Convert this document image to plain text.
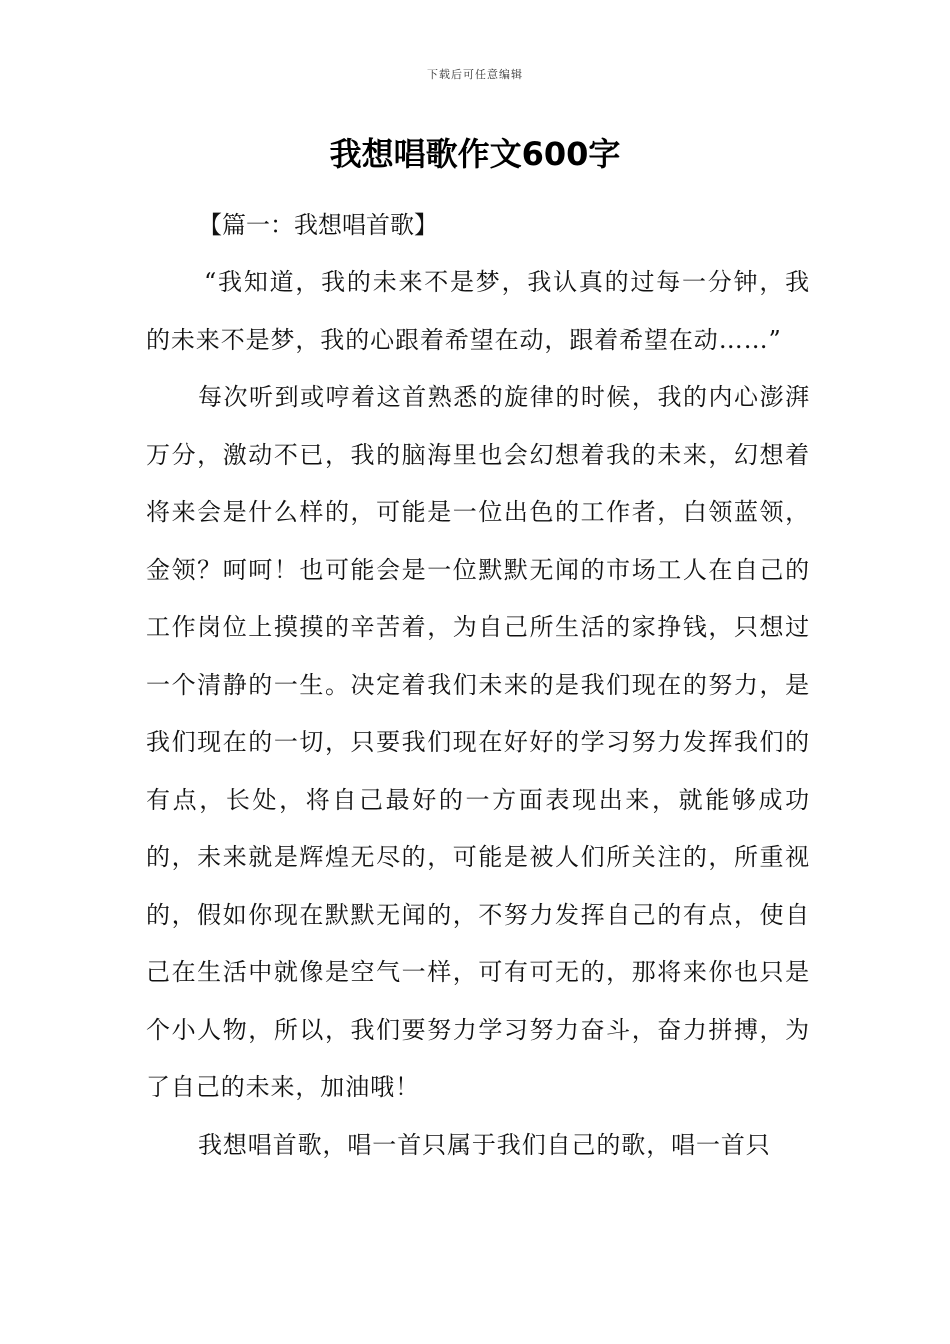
下载后可任意编辑
我想唱歌作文600字

【篇一：我想唱首歌】

“我知道，我的未来不是梦，我认真的过每一分钟，我的未来不是梦，我的心跟着希望在动，跟着希望在动……”

每次听到或哼着这首熟悉的旋律的时候，我的内心澎湃万分，激动不已，我的脑海里也会幻想着我的未来，幻想着将来会是什么样的，可能是一位出色的工作者，白领蓝领，金领？呵呵！也可能会是一位默默无闻的市场工人在自己的工作岗位上摸摸的辛苦着，为自己所生活的家挣钱，只想过一个清静的一生。决定着我们未来的是我们现在的努力，是我们现在的一切，只要我们现在好好的学习努力发挥我们的有点，长处，将自己最好的一方面表现出来，就能够成功的，未来就是辉煌无尽的，可能是被人们所关注的，所重视的，假如你现在默默无闻的，不努力发挥自己的有点，使自己在生活中就像是空气一样，可有可无的，那将来你也只是个小人物，所以，我们要努力学习努力奋斗，奋力拼搏，为了自己的未来，加油哦！

我想唱首歌，唱一首只属于我们自己的歌，唱一首只
